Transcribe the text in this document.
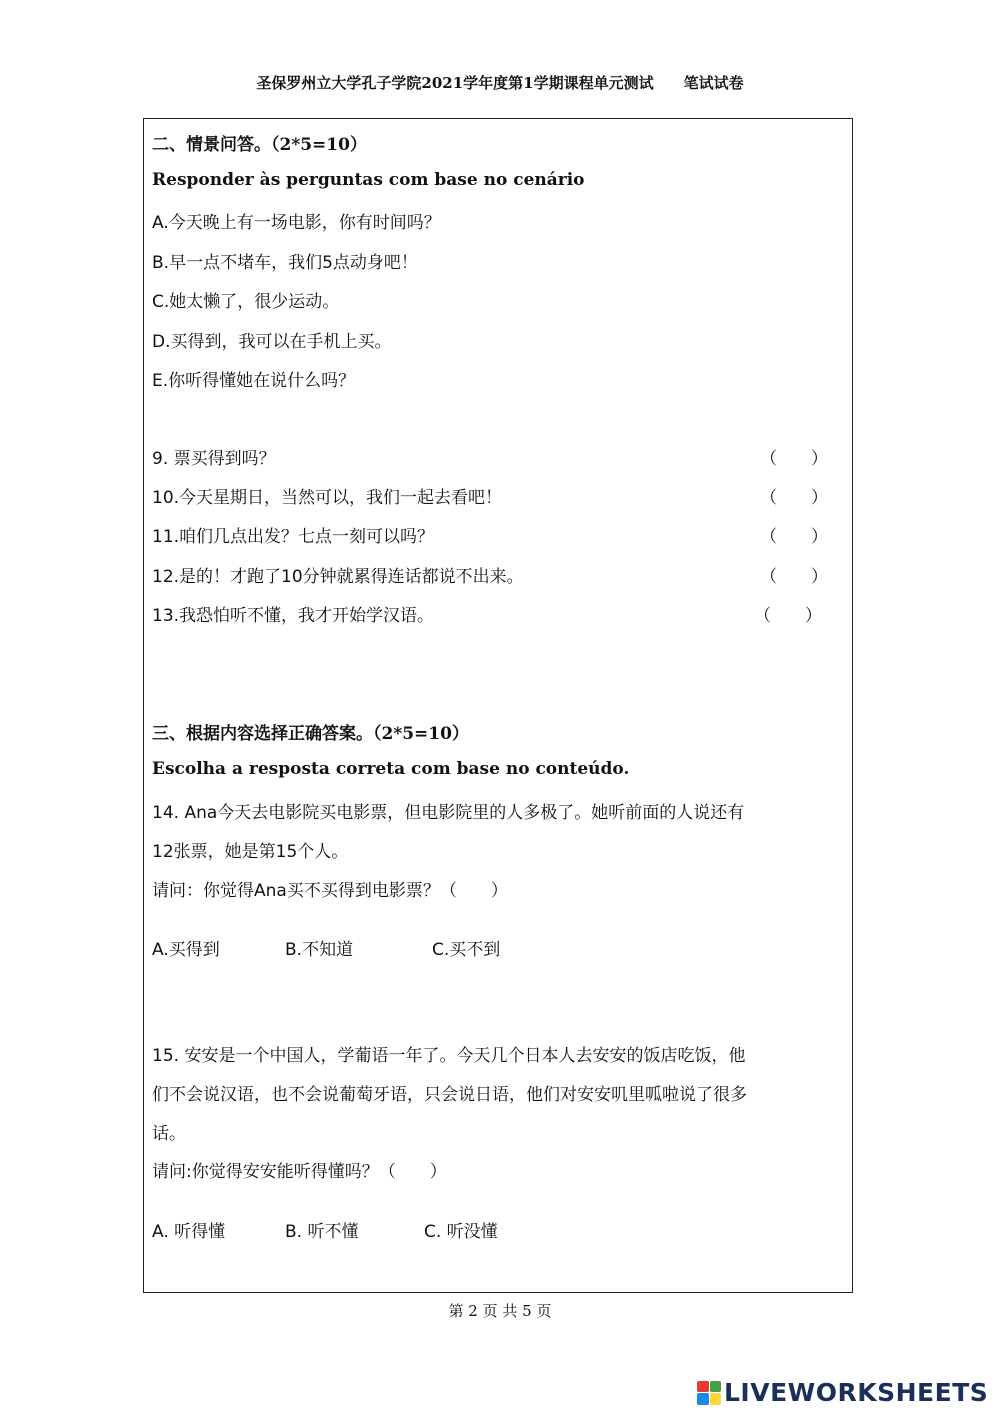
圣保罗州立大学孔子学院2021学年度第1学期课程单元测试　　笔试试卷
二、情景问答。（2*5=10）
Responder às perguntas com base no cenário
A.今天晚上有一场电影，你有时间吗？
B.早一点不堵车，我们5点动身吧！
C.她太懒了，很少运动。
D.买得到，我可以在手机上买。
E.你听得懂她在说什么吗？
9. 票买得到吗？	（　　）
10.今天星期日，当然可以，我们一起去看吧！	（　　）
11.咱们几点出发？七点一刻可以吗？	（　　）
12.是的！才跑了10分钟就累得连话都说不出来。	（　　）
13.我恐怕听不懂，我才开始学汉语。	（　　）
三、根据内容选择正确答案。（2*5=10）
Escolha a resposta correta com base no conteúdo.
14. Ana今天去电影院买电影票，但电影院里的人多极了。她听前面的人说还有
12张票，她是第15个人。
请问：你觉得Ana买不买得到电影票？（　　）
A.买得到	B.不知道	C.买不到
15. 安安是一个中国人，学葡语一年了。今天几个日本人去安安的饭店吃饭，他
们不会说汉语，也不会说葡萄牙语，只会说日语，他们对安安叽里呱啦说了很多
话。
请问:你觉得安安能听得懂吗？（　　）
A. 听得懂	B. 听不懂	C. 听没懂
第 2 页 共 5 页
LIVEWORKSHEETS
